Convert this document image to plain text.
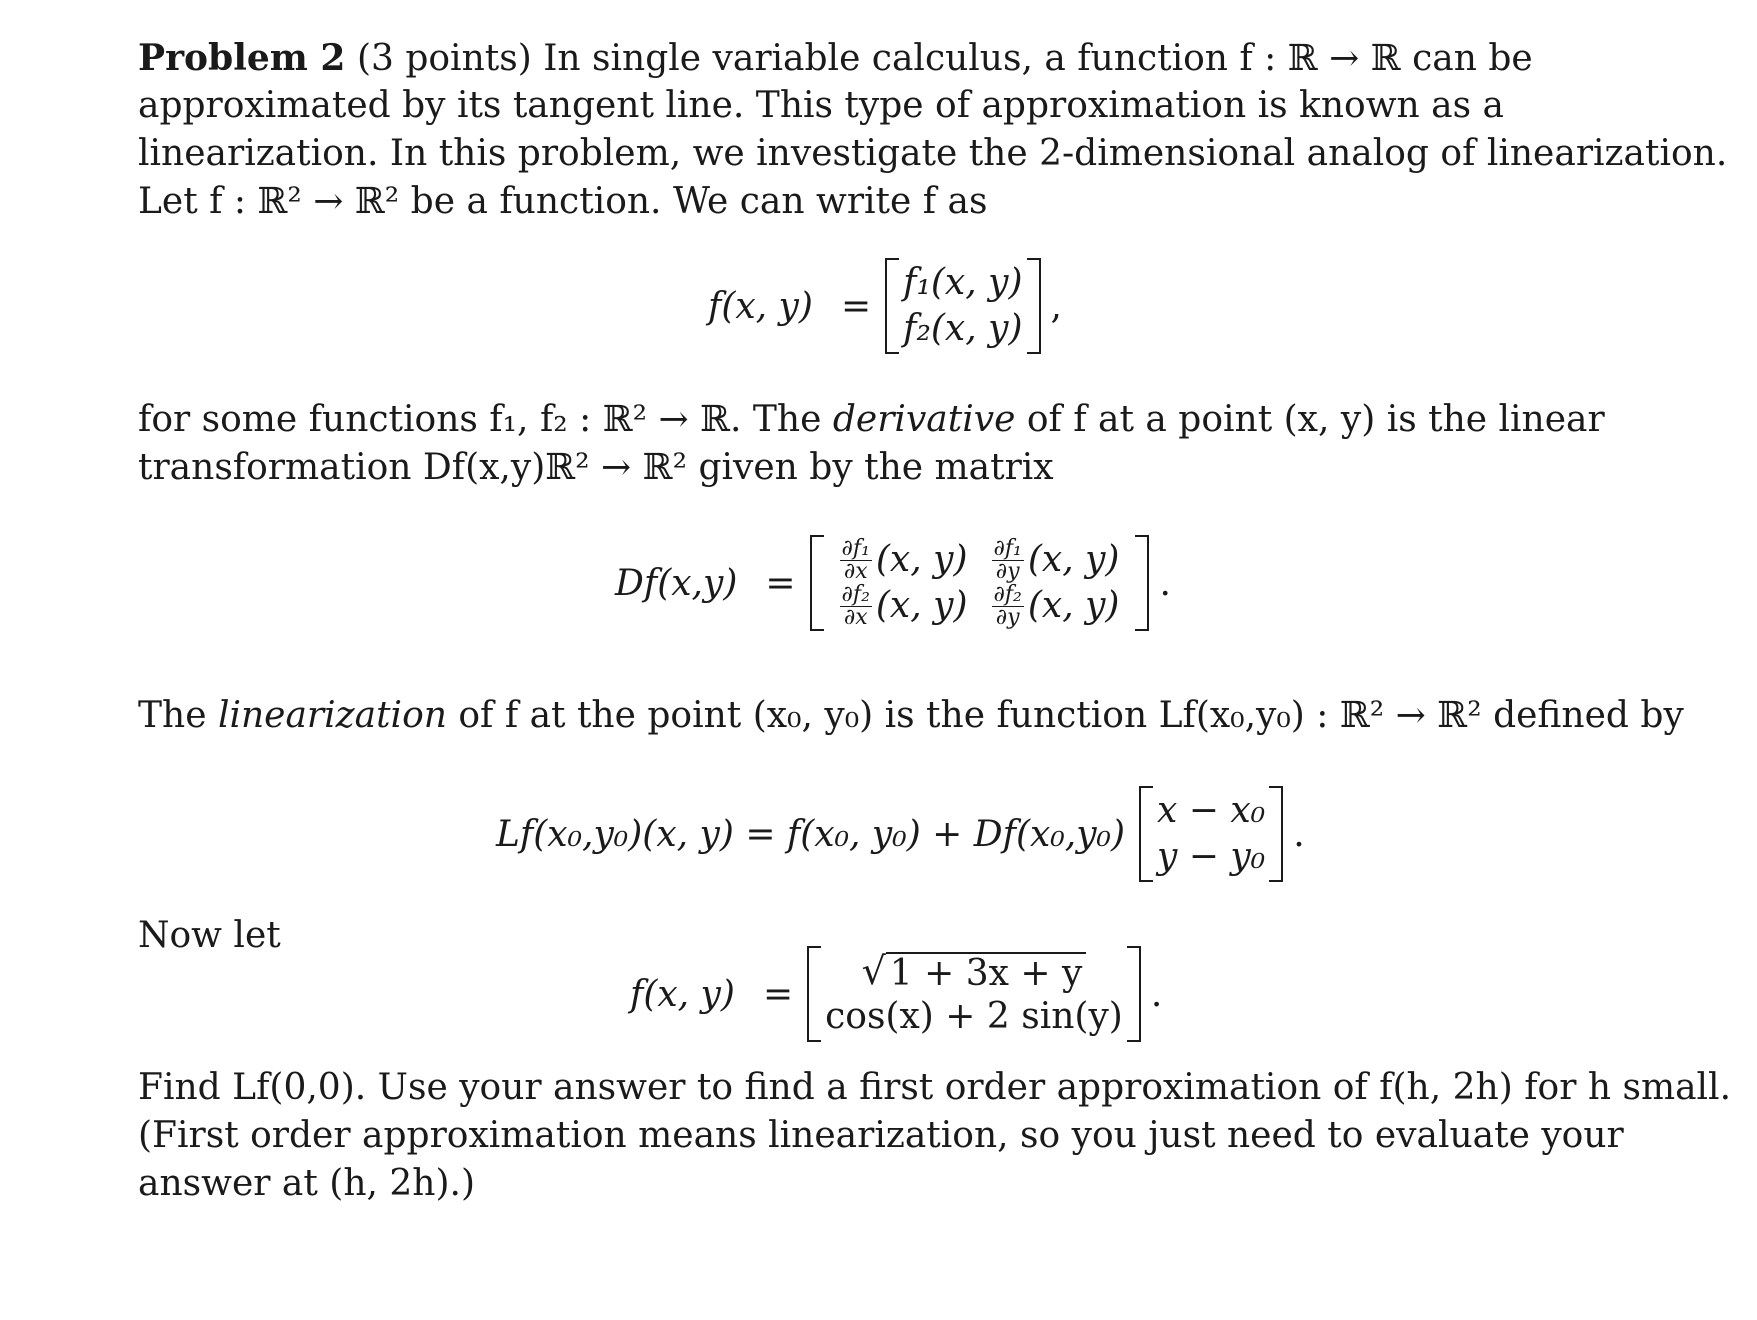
Problem 2 (3 points) In single variable calculus, a function f : ℝ → ℝ can be
approximated by its tangent line. This type of approximation is known as a
linearization. In this problem, we investigate the 2-dimensional analog of linearization.
Let f : ℝ² → ℝ² be a function. We can write f as
f(x, y) =
f₁(x, y)
f₂(x, y)
,
for some functions f₁, f₂ : ℝ² → ℝ. The derivative of f at a point (x, y) is the linear
transformation Df(x,y)ℝ² → ℝ² given by the matrix
Df(x,y) =
$\frac{\text{∂f₁}}{\partial x} (x$, $y) \frac{\text{∂f₁}}{\partial y} (x$, y)
$\frac{\text{∂f₂}}{\partial x} (x$, $y) \frac{\text{∂f₂}}{\partial y} (x$, y)
.
The linearization of f at the point (x₀, y₀) is the function Lf(x₀,y₀) : ℝ² → ℝ² defined by
Lf(x₀,y₀)(x, y) = f(x₀, y₀) + Df(x₀,y₀)
x − x₀
y − y₀
.
Now let
f(x, y) =
√ 1 + 3x + y
cos(x) + 2 sin(y)
.
Find Lf(0,0). Use your answer to find a first order approximation of f(h, 2h) for h small.
(First order approximation means linearization, so you just need to evaluate your
answer at (h, 2h).)
